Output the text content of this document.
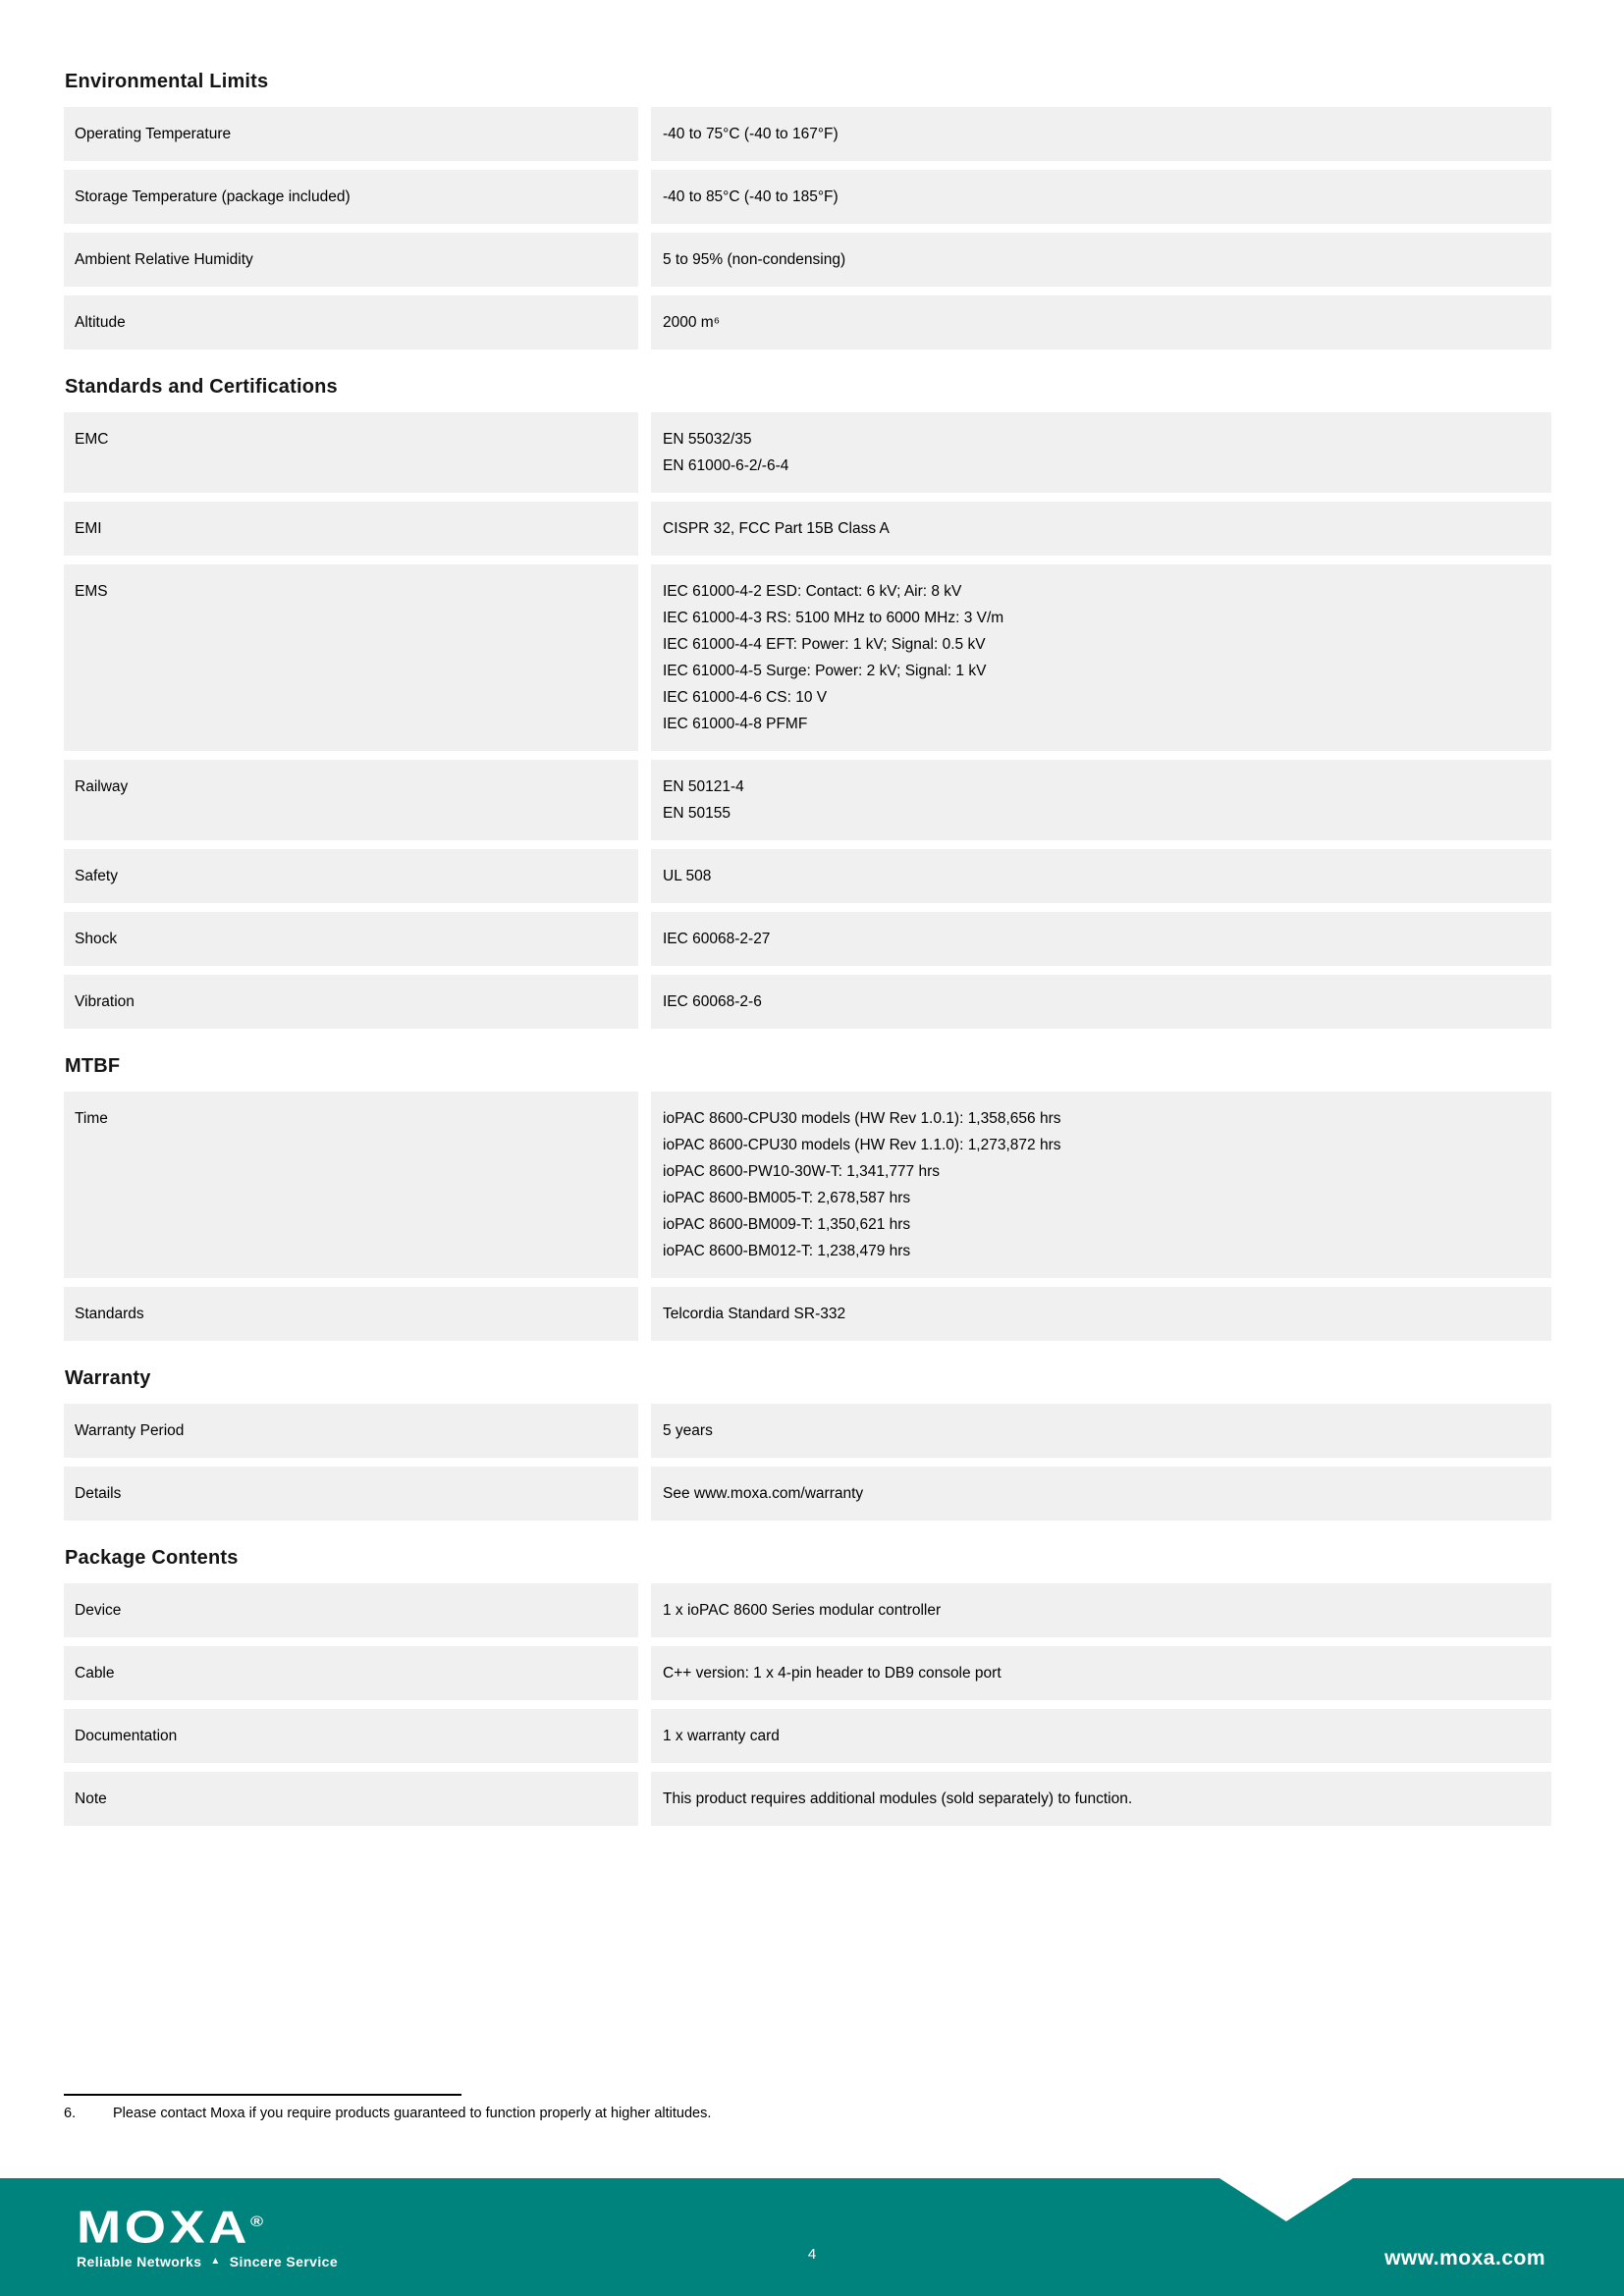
Environmental Limits
Operating Temperature	-40 to 75°C (-40 to 167°F)
Storage Temperature (package included)	-40 to 85°C (-40 to 185°F)
Ambient Relative Humidity	5 to 95% (non-condensing)
Altitude	2000 m⁶
Standards and Certifications
EMC	EN 55032/35
EN 61000-6-2/-6-4
EMI	CISPR 32, FCC Part 15B Class A
EMS	IEC 61000-4-2 ESD: Contact: 6 kV; Air: 8 kV
IEC 61000-4-3 RS: 5100 MHz to 6000 MHz: 3 V/m
IEC 61000-4-4 EFT: Power: 1 kV; Signal: 0.5 kV
IEC 61000-4-5 Surge: Power: 2 kV; Signal: 1 kV
IEC 61000-4-6 CS: 10 V
IEC 61000-4-8 PFMF
Railway	EN 50121-4
EN 50155
Safety	UL 508
Shock	IEC 60068-2-27
Vibration	IEC 60068-2-6
MTBF
Time	ioPAC 8600-CPU30 models (HW Rev 1.0.1): 1,358,656 hrs
ioPAC 8600-CPU30 models (HW Rev 1.1.0): 1,273,872 hrs
ioPAC 8600-PW10-30W-T: 1,341,777 hrs
ioPAC 8600-BM005-T: 2,678,587 hrs
ioPAC 8600-BM009-T: 1,350,621 hrs
ioPAC 8600-BM012-T: 1,238,479 hrs
Standards	Telcordia Standard SR-332
Warranty
Warranty Period	5 years
Details	See www.moxa.com/warranty
Package Contents
Device	1 x ioPAC 8600 Series modular controller
Cable	C++ version: 1 x 4-pin header to DB9 console port
Documentation	1 x warranty card
Note	This product requires additional modules (sold separately) to function.
6.	Please contact Moxa if you require products guaranteed to function properly at higher altitudes.
MOXA®
Reliable Networks ▲ Sincere Service	4	www.moxa.com
